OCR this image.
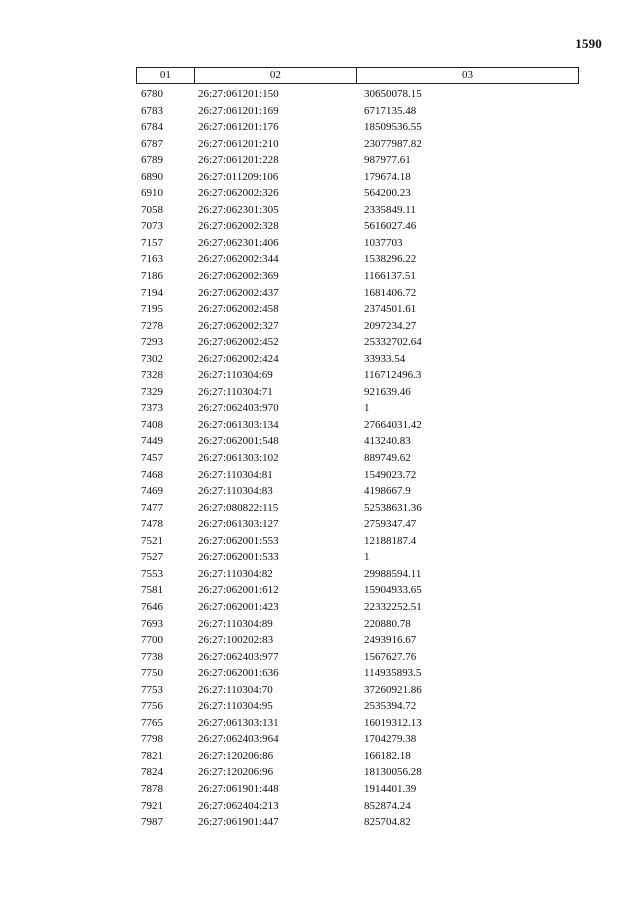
1590
01	02	03
6780	26:27:061201:150	30650078.15
6783	26:27:061201:169	6717135.48
6784	26:27:061201:176	18509536.55
6787	26:27:061201:210	23077987.82
6789	26:27:061201:228	987977.61
6890	26:27:011209:106	179674.18
6910	26:27:062002:326	564200.23
7058	26:27:062301:305	2335849.11
7073	26:27:062002:328	5616027.46
7157	26:27:062301:406	1037703
7163	26:27:062002:344	1538296.22
7186	26:27:062002:369	1166137.51
7194	26:27:062002:437	1681406.72
7195	26:27:062002:458	2374501.61
7278	26:27:062002:327	2097234.27
7293	26:27:062002:452	25332702.64
7302	26:27:062002:424	33933.54
7328	26:27:110304:69	116712496.3
7329	26:27:110304:71	921639.46
7373	26:27:062403:970	1
7408	26:27:061303:134	27664031.42
7449	26:27:062001:548	413240.83
7457	26:27:061303:102	889749.62
7468	26:27:110304:81	1549023.72
7469	26:27:110304:83	4198667.9
7477	26:27:080822:115	52538631.36
7478	26:27:061303:127	2759347.47
7521	26:27:062001:553	12188187.4
7527	26:27:062001:533	1
7553	26:27:110304:82	29988594.11
7581	26:27:062001:612	15904933.65
7646	26:27:062001:423	22332252.51
7693	26:27:110304:89	220880.78
7700	26:27:100202:83	2493916.67
7738	26:27:062403:977	1567627.76
7750	26:27:062001:636	114935893.5
7753	26:27:110304:70	37260921.86
7756	26:27:110304:95	2535394.72
7765	26:27:061303:131	16019312.13
7798	26:27:062403:964	1704279.38
7821	26:27:120206:86	166182.18
7824	26:27:120206:96	18130056.28
7878	26:27:061901:448	1914401.39
7921	26:27:062404:213	852874.24
7987	26:27:061901:447	825704.82
